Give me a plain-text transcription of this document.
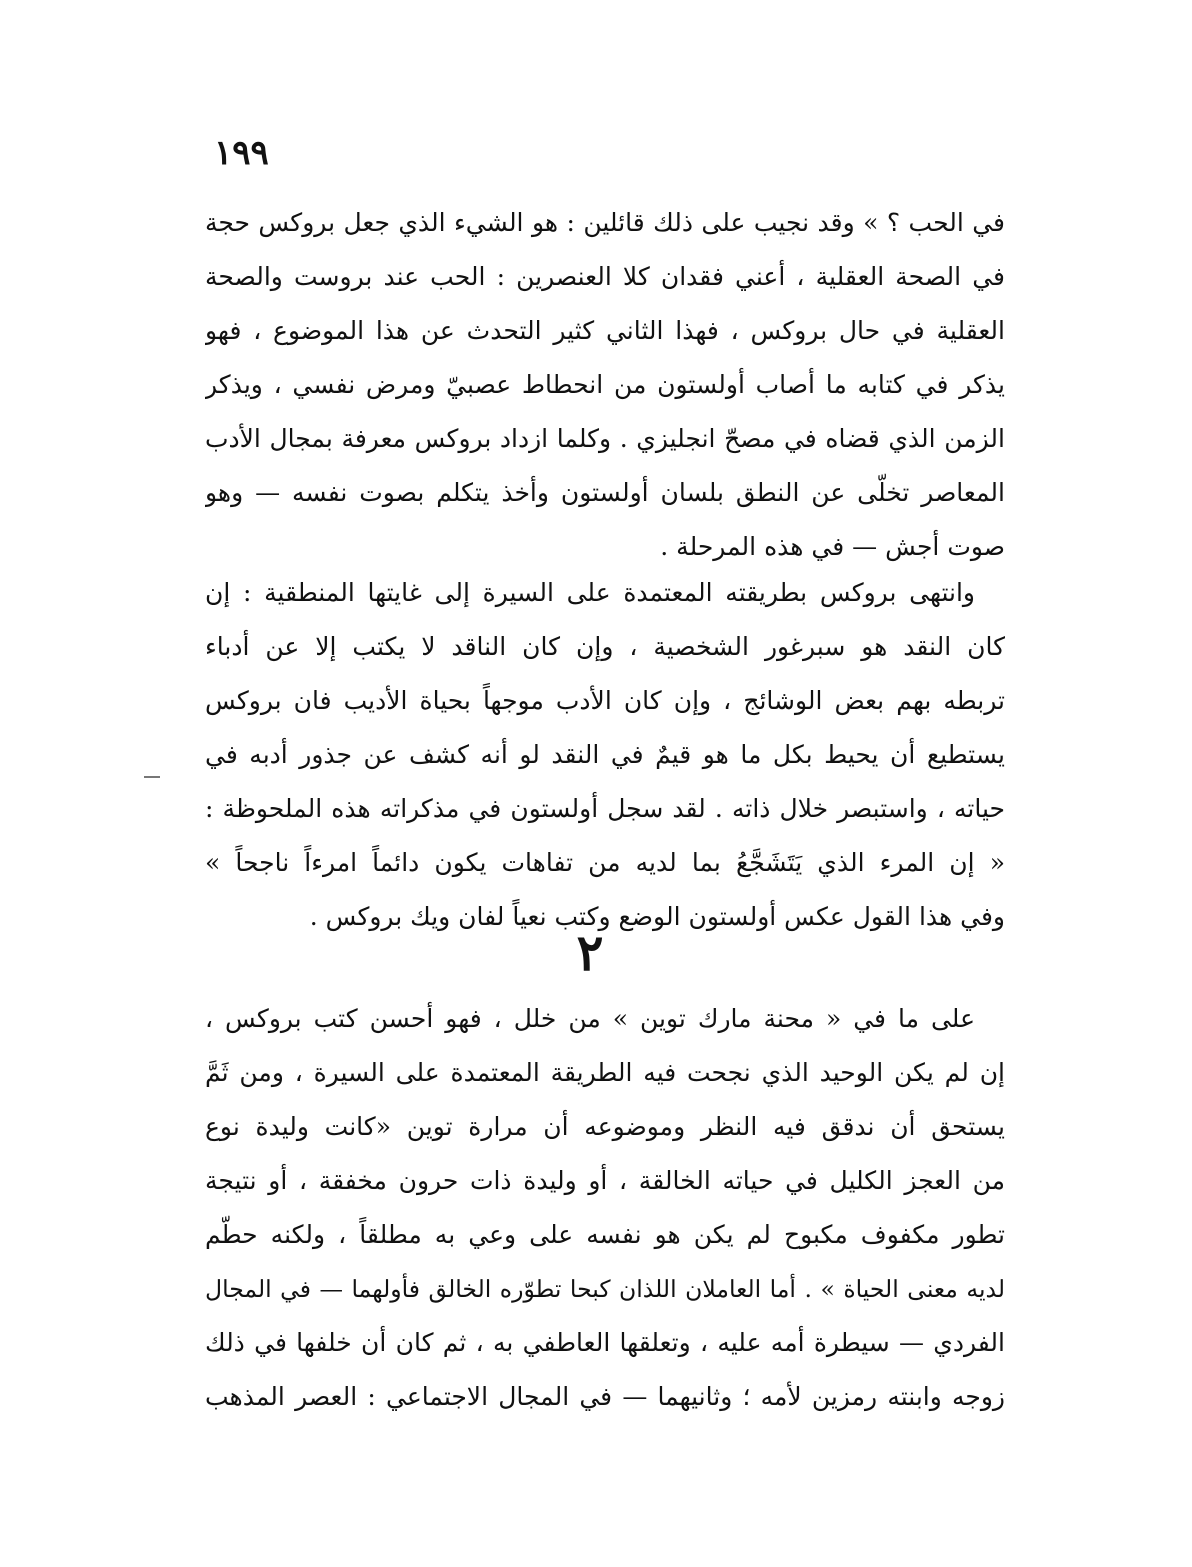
١٩٩
في الحب ؟ » وقد نجيب على ذلك قائلين : هو الشيء الذي جعل بروكس حجة
في الصحة العقلية ، أعني فقدان كلا العنصرين : الحب عند بروست والصحة
العقلية في حال بروكس ، فهذا الثاني كثير التحدث عن هذا الموضوع ، فهو
يذكر في كتابه ما أصاب أولستون من انحطاط عصبيّ ومرض نفسي ، ويذكر
الزمن الذي قضاه في مصحّ انجليزي . وكلما ازداد بروكس معرفة بمجال الأدب
المعاصر تخلّى عن النطق بلسان أولستون وأخذ يتكلم بصوت نفسه — وهو
صوت أجش — في هذه المرحلة .
وانتهى بروكس بطريقته المعتمدة على السيرة إلى غايتها المنطقية : إن
كان النقد هو سبرغور الشخصية ، وإن كان الناقد لا يكتب إلا عن أدباء
تربطه بهم بعض الوشائج ، وإن كان الأدب موجهاً بحياة الأديب فان بروكس
يستطيع أن يحيط بكل ما هو قيمٌ في النقد لو أنه كشف عن جذور أدبه في
حياته ، واستبصر خلال ذاته . لقد سجل أولستون في مذكراته هذه الملحوظة :
« إن المرء الذي يَتَشَجَّعُ بما لديه من تفاهات يكون دائماً امرءاً ناجحاً »
وفي هذا القول عكس أولستون الوضع وكتب نعياً لفان ويك بروكس .
٢
على ما في « محنة مارك توين » من خلل ، فهو أحسن كتب بروكس ،
إن لم يكن الوحيد الذي نجحت فيه الطريقة المعتمدة على السيرة ، ومن ثَمَّ
يستحق أن ندقق فيه النظر وموضوعه أن مرارة توين «كانت وليدة نوع
من العجز الكليل في حياته الخالقة ، أو وليدة ذات حرون مخفقة ، أو نتيجة
تطور مكفوف مكبوح لم يكن هو نفسه على وعي به مطلقاً ، ولكنه حطّم
لديه معنى الحياة » . أما العاملان اللذان كبحا تطوّره الخالق فأولهما — في المجال
الفردي — سيطرة أمه عليه ، وتعلقها العاطفي به ، ثم كان أن خلفها في ذلك
زوجه وابنته رمزين لأمه ؛ وثانيهما — في المجال الاجتماعي : العصر المذهب
